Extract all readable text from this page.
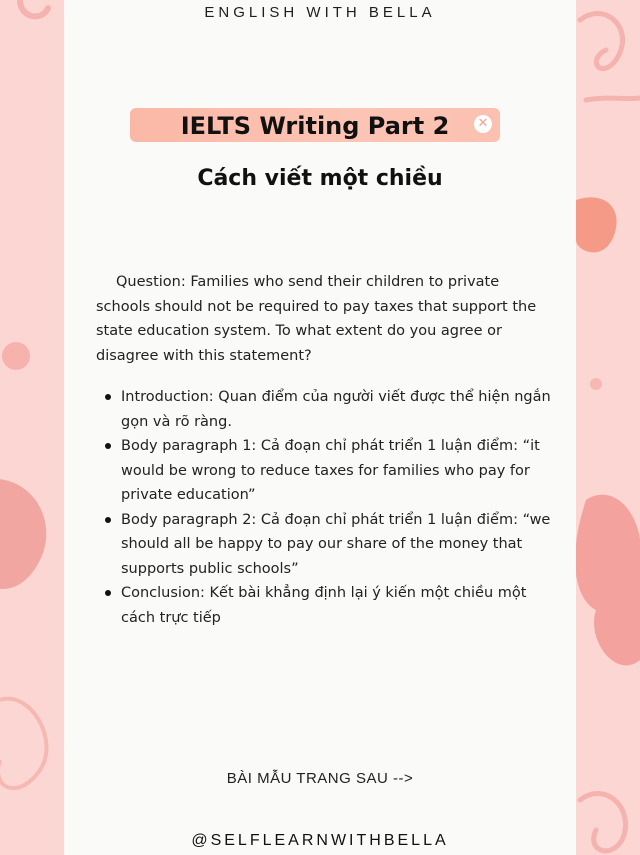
ENGLISH WITH BELLA
IELTS Writing Part 2	✕
Cách viết một chiều
Question: Families who send their children to private schools should not be required to pay taxes that support the state education system. To what extent do you agree or disagree with this statement?
Introduction: Quan điểm của người viết được thể hiện ngắn gọn và rõ ràng.
Body paragraph 1: Cả đoạn chỉ phát triển 1 luận điểm: “it would be wrong to reduce taxes for families who pay for private education”
Body paragraph 2: Cả đoạn chỉ phát triển 1 luận điểm: “we should all be happy to pay our share of the money that supports public schools”
Conclusion: Kết bài khẳng định lại ý kiến một chiều một cách trực tiếp
BÀI MẪU TRANG SAU -->
@SELFLEARNWITHBELLA
